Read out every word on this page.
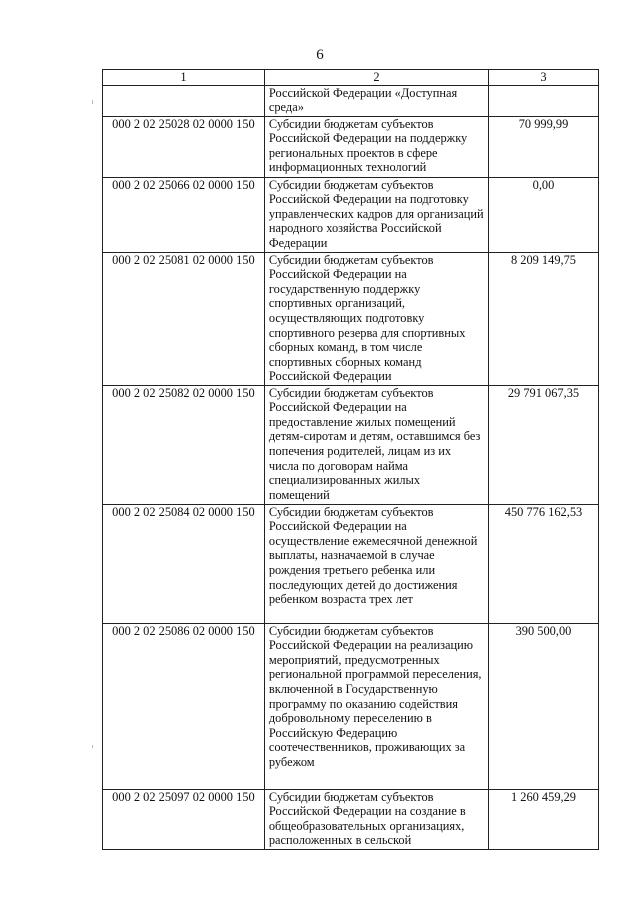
6
1	2	3
	Российской Федерации «Доступная среда»	
000 2 02 25028 02 0000 150	Субсидии бюджетам субъектов Российской Федерации на поддержку региональных проектов в сфере информационных технологий	70 999,99
000 2 02 25066 02 0000 150	Субсидии бюджетам субъектов Российской Федерации на подготовку управленческих кадров для организаций народного хозяйства Российской Федерации	0,00
000 2 02 25081 02 0000 150	Субсидии бюджетам субъектов Российской Федерации на государственную поддержку спортивных организаций, осуществляющих подготовку спортивного резерва для спортивных сборных команд, в том числе спортивных сборных команд Российской Федерации	8 209 149,75
000 2 02 25082 02 0000 150	Субсидии бюджетам субъектов Российской Федерации на предоставление жилых помещений детям-сиротам и детям, оставшимся без попечения родителей, лицам из их числа по договорам найма специализированных жилых помещений	29 791 067,35
000 2 02 25084 02 0000 150	Субсидии бюджетам субъектов Российской Федерации на осуществление ежемесячной денежной выплаты, назначаемой в случае рождения третьего ребенка или последующих детей до достижения ребенком возраста трех лет	450 776 162,53
000 2 02 25086 02 0000 150	Субсидии бюджетам субъектов Российской Федерации на реализацию мероприятий, предусмотренных региональной программой переселения, включенной в Государственную программу по оказанию содействия добровольному переселению в Российскую Федерацию соотечественников, проживающих за рубежом	390 500,00
000 2 02 25097 02 0000 150	Субсидии бюджетам субъектов Российской Федерации на создание в общеобразовательных организациях, расположенных в сельской	1 260 459,29
